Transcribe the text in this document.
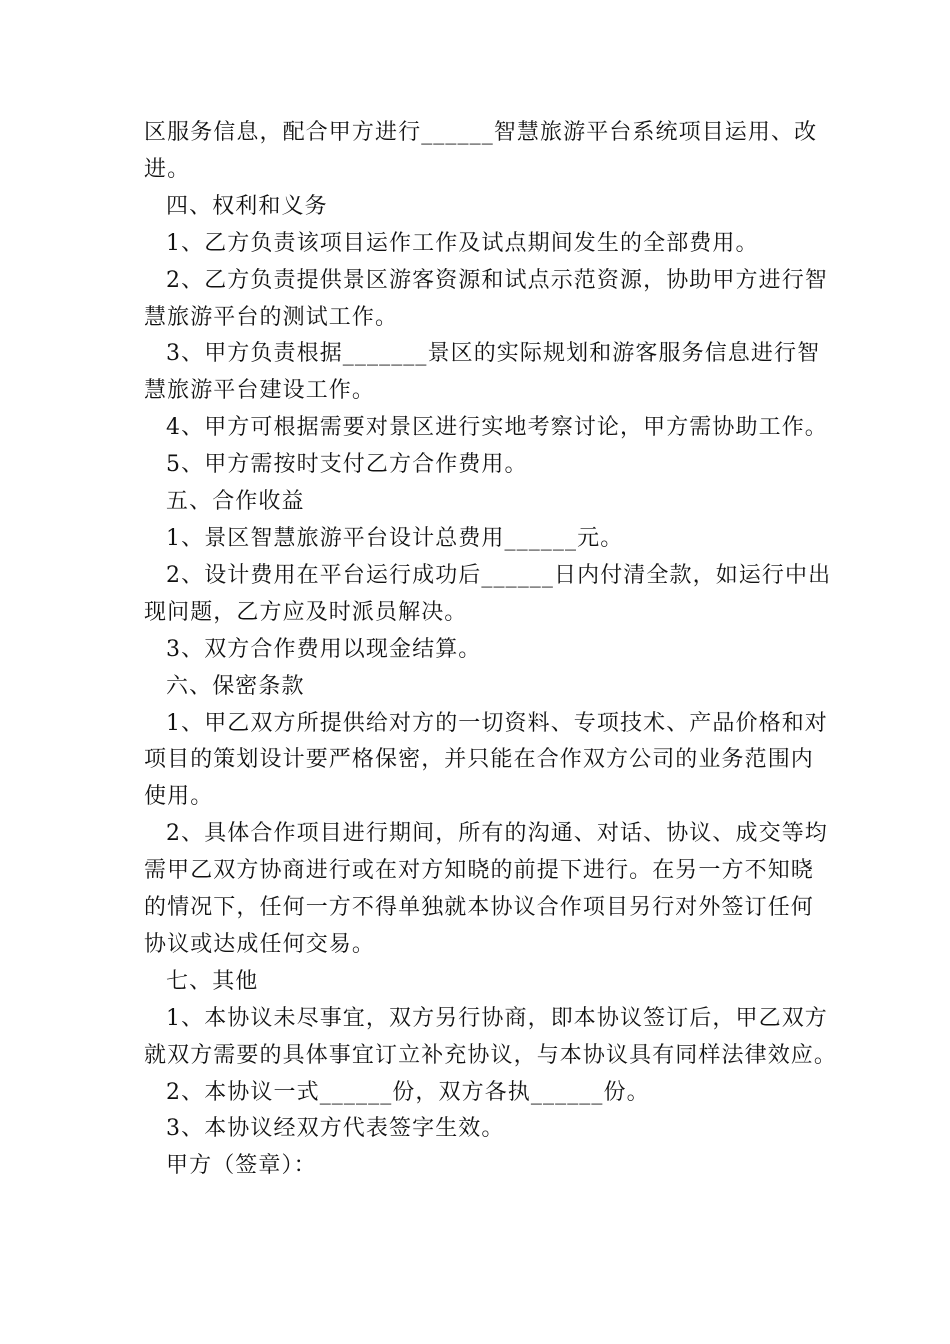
区服务信息，配合甲方进行______智慧旅游平台系统项目运用、改
进。
四、权利和义务
1、乙方负责该项目运作工作及试点期间发生的全部费用。
2、乙方负责提供景区游客资源和试点示范资源，协助甲方进行智
慧旅游平台的测试工作。
3、甲方负责根据_______景区的实际规划和游客服务信息进行智
慧旅游平台建设工作。
4、甲方可根据需要对景区进行实地考察讨论，甲方需协助工作。
5、甲方需按时支付乙方合作费用。
五、合作收益
1、景区智慧旅游平台设计总费用______元。
2、设计费用在平台运行成功后______日内付清全款，如运行中出
现问题，乙方应及时派员解决。
3、双方合作费用以现金结算。
六、保密条款
1、甲乙双方所提供给对方的一切资料、专项技术、产品价格和对
项目的策划设计要严格保密，并只能在合作双方公司的业务范围内
使用。
2、具体合作项目进行期间，所有的沟通、对话、协议、成交等均
需甲乙双方协商进行或在对方知晓的前提下进行。在另一方不知晓
的情况下，任何一方不得单独就本协议合作项目另行对外签订任何
协议或达成任何交易。
七、其他
1、本协议未尽事宜，双方另行协商，即本协议签订后，甲乙双方
就双方需要的具体事宜订立补充协议，与本协议具有同样法律效应。
2、本协议一式______份，双方各执______份。
3、本协议经双方代表签字生效。
甲方（签章）：
